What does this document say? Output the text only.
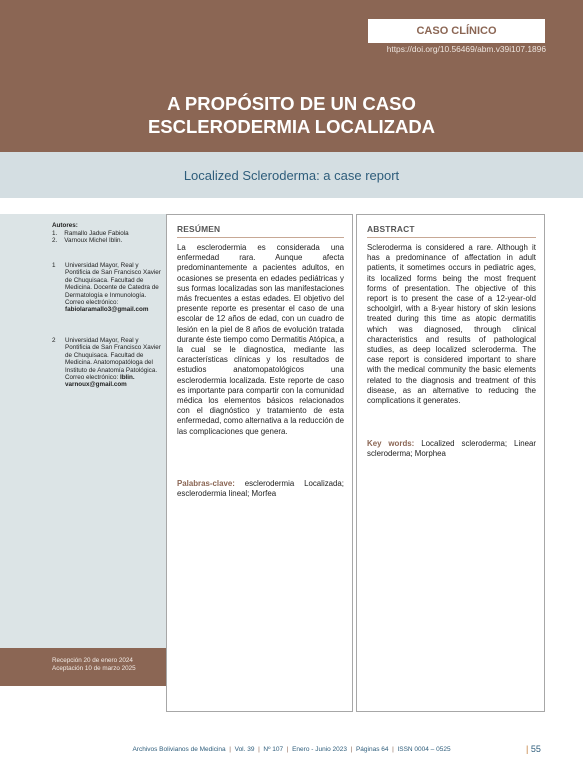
CASO CLÍNICO
https://doi.org/10.56469/abm.v39i107.1896
A PROPÓSITO DE UN CASO
ESCLERODERMIA LOCALIZADA
Localized Scleroderma: a case report
Autores:
1. Ramallo Jadue Fabiola
2. Varnoux Michel Iblin.
1 Universidad Mayor, Real y Pontificia de San Francisco Xavier de Chuquisaca. Facultad de Medicina. Docente de Catedra de Dermatología e Inmunología. Correo electrónico: fabiolaramallo3@gmail.com
2 Universidad Mayor, Real y Pontificia de San Francisco Xavier de Chuquisaca. Facultad de Medicina. Anatomopatóloga del Instituto de Anatomía Patológica. Correo electrónico: Iblin. varnoux@gmail.com
Recepción 20 de enero 2024
Aceptación 10 de marzo 2025
RESÚMEN
La esclerodermia es considerada una enfermedad rara. Aunque afecta predominantemente a pacientes adultos, en ocasiones se presenta en edades pediátricas y sus formas localizadas son las manifestaciones más frecuentes a estas edades. El objetivo del presente reporte es presentar el caso de una escolar de 12 años de edad, con un cuadro de lesión en la piel de 8 años de evolución tratada durante éste tiempo como Dermatitis Atópica, a la cual se le diagnostica, mediante las características clínicas y los resultados de estudios anatomopatológicos una esclerodermia localizada. Este reporte de caso es importante para compartir con la comunidad médica los elementos básicos relacionados con el diagnóstico y tratamiento de esta enfermedad, como alternativa a la reducción de las complicaciones que genera.
Palabras-clave: esclerodermia Localizada; esclerodermia lineal; Morfea
ABSTRACT
Scleroderma is considered a rare. Although it has a predominance of affectation in adult patients, it sometimes occurs in pediatric ages, its localized forms being the most frequent forms of presentation. The objective of this report is to present the case of a 12-year-old schoolgirl, with a 8-year history of skin lesions treated during this time as atopic dermatitis which was diagnosed, through clinical characteristics and results of pathological studies, as deep localized scleroderma. The case report is considered important to share with the medical community the basic elements related to the diagnosis and treatment of this disease, as an alternative to reducing the complications it generates.
Key words: Localized scleroderma; Linear scleroderma; Morphea
Archivos Bolivianos de Medicina  |  Vol. 39  |  Nº 107  |  Enero - Junio 2023  |  Páginas 64  |  ISSN 0004 – 0525	| 55
